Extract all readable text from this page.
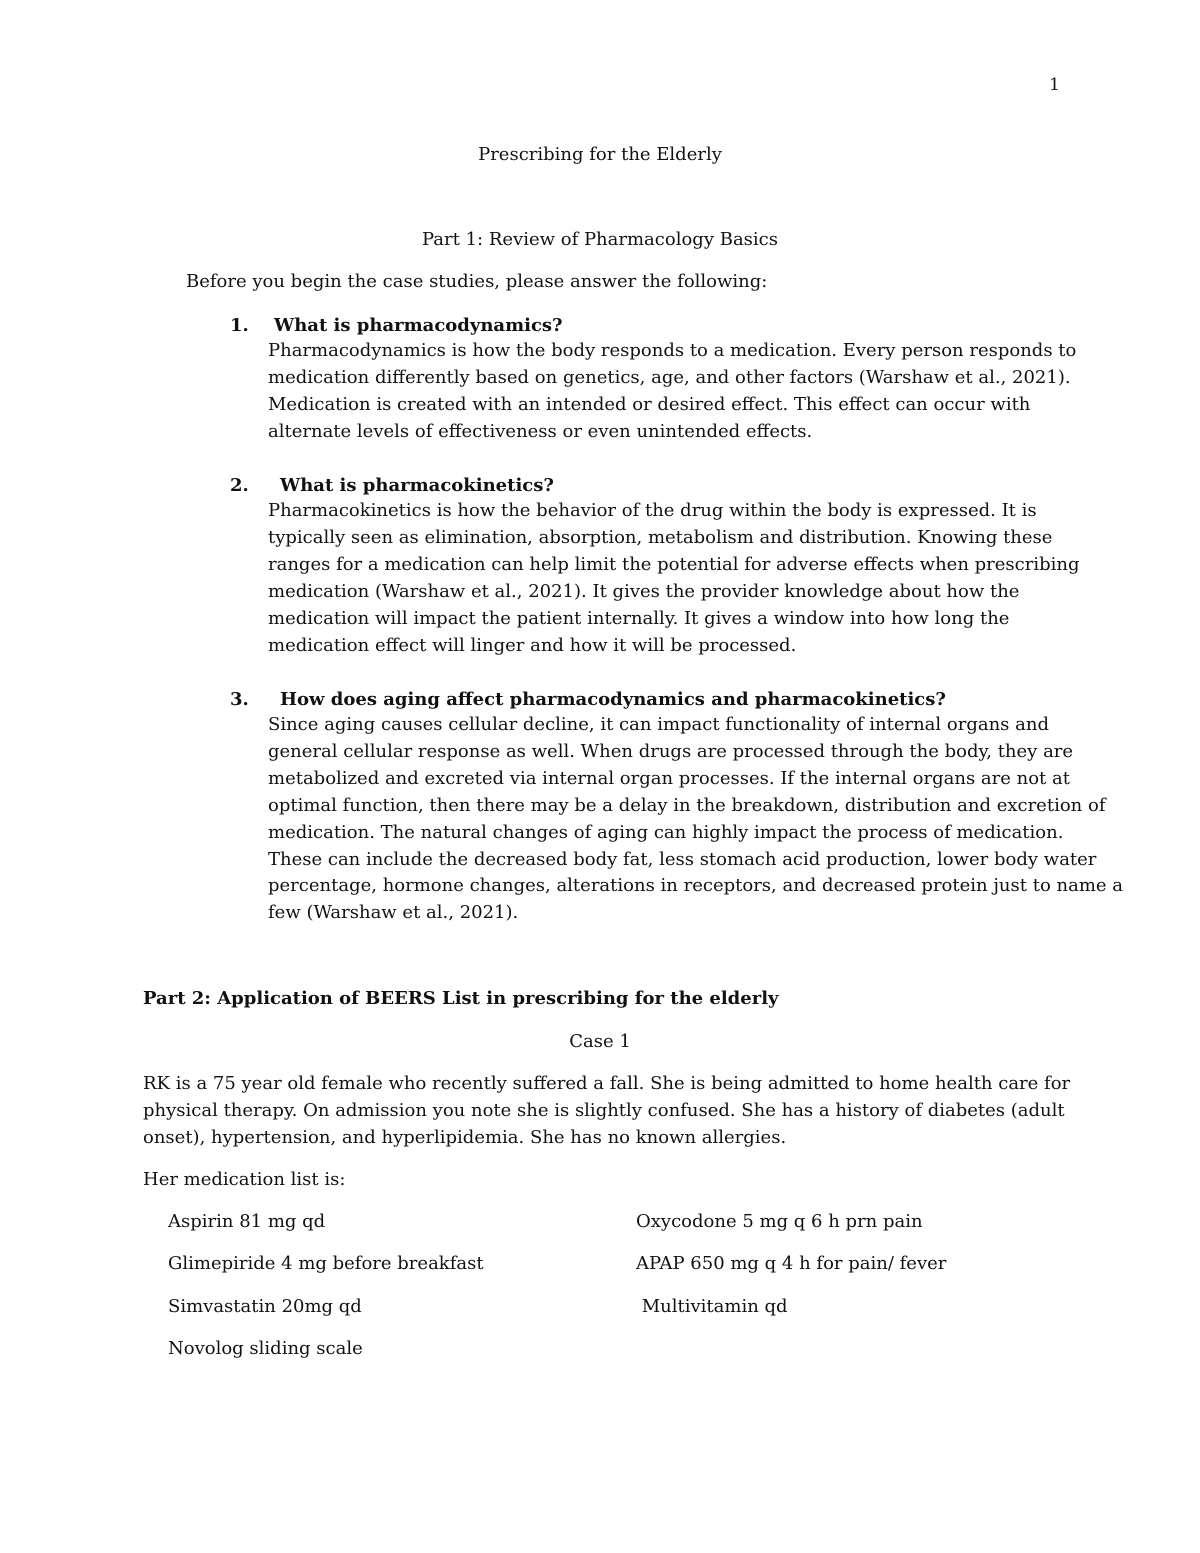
1
Prescribing for the Elderly
Part 1: Review of Pharmacology Basics
Before you begin the case studies, please answer the following:
1. What is pharmacodynamics?
Pharmacodynamics is how the body responds to a medication. Every person responds to
medication differently based on genetics, age, and other factors (Warshaw et al., 2021).
Medication is created with an intended or desired effect. This effect can occur with
alternate levels of effectiveness or even unintended effects.
2. What is pharmacokinetics?
Pharmacokinetics is how the behavior of the drug within the body is expressed. It is
typically seen as elimination, absorption, metabolism and distribution. Knowing these
ranges for a medication can help limit the potential for adverse effects when prescribing
medication (Warshaw et al., 2021). It gives the provider knowledge about how the
medication will impact the patient internally. It gives a window into how long the
medication effect will linger and how it will be processed.
3. How does aging affect pharmacodynamics and pharmacokinetics?
Since aging causes cellular decline, it can impact functionality of internal organs and
general cellular response as well. When drugs are processed through the body, they are
metabolized and excreted via internal organ processes. If the internal organs are not at
optimal function, then there may be a delay in the breakdown, distribution and excretion of
medication. The natural changes of aging can highly impact the process of medication.
These can include the decreased body fat, less stomach acid production, lower body water
percentage, hormone changes, alterations in receptors, and decreased protein just to name a
few (Warshaw et al., 2021).
Part 2: Application of BEERS List in prescribing for the elderly
Case 1
RK is a 75 year old female who recently suffered a fall. She is being admitted to home health care for
physical therapy. On admission you note she is slightly confused. She has a history of diabetes (adult
onset), hypertension, and hyperlipidemia. She has no known allergies.
Her medication list is:
Aspirin 81 mg qd
Glimepiride 4 mg before breakfast
Simvastatin 20mg qd
Novolog sliding scale
Oxycodone 5 mg q 6 h prn pain
APAP 650 mg q 4 h for pain/ fever
Multivitamin qd
